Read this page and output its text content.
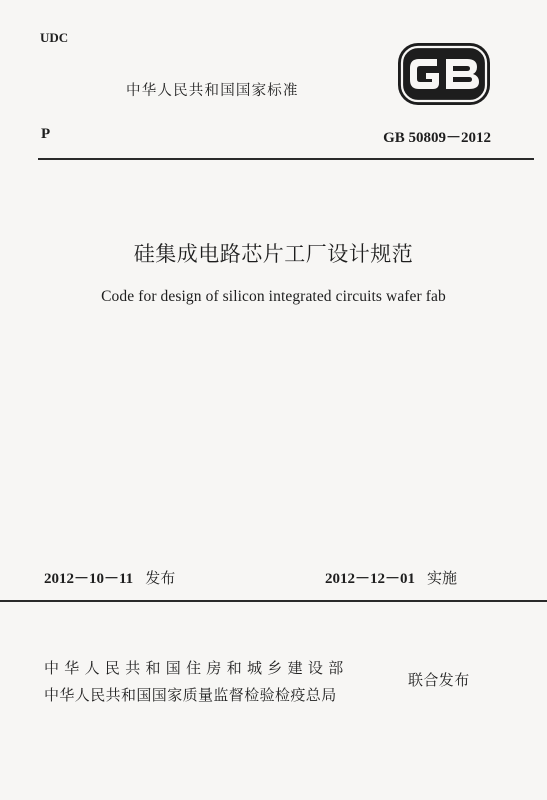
UDC
中华人民共和国国家标准
P	GB 50809－2012
硅集成电路芯片工厂设计规范
Code for design of silicon integrated circuits wafer fab
2012－10－11 发布	2012－12－01 实施
中华人民共和国住房和城乡建设部
中华人民共和国国家质量监督检验检疫总局
联合发布
